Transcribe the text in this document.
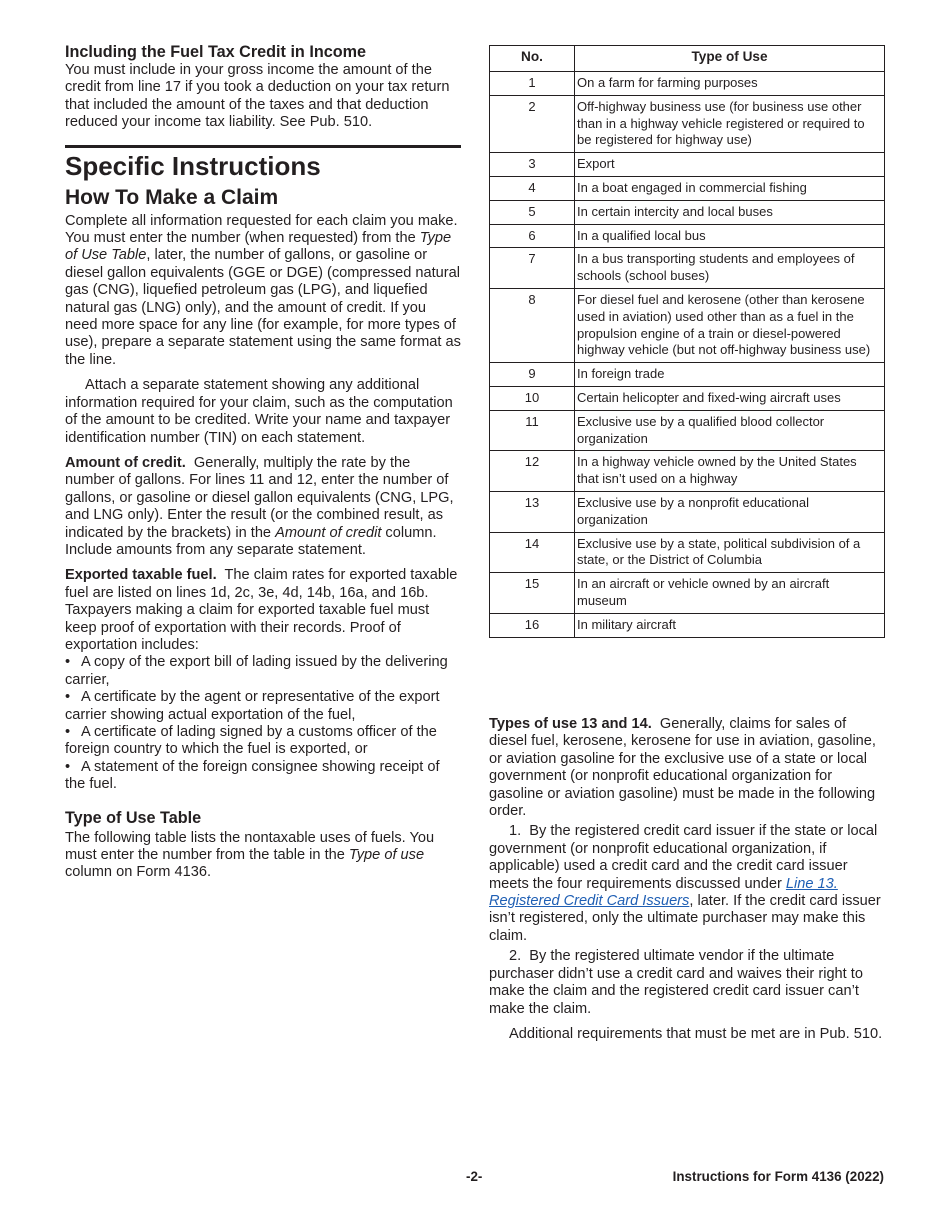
Including the Fuel Tax Credit in Income

You must include in your gross income the amount of the credit from line 17 if you took a deduction on your tax return that included the amount of the taxes and that deduction reduced your income tax liability. See Pub. 510.

Specific Instructions
How To Make a Claim

Complete all information requested for each claim you make. You must enter the number (when requested) from the Type of Use Table, later, the number of gallons, or gasoline or diesel gallon equivalents (GGE or DGE) (compressed natural gas (CNG), liquefied petroleum gas (LPG), and liquefied natural gas (LNG) only), and the amount of credit. If you need more space for any line (for example, for more types of use), prepare a separate statement using the same format as the line.

Attach a separate statement showing any additional information required for your claim, such as the computation of the amount to be credited. Write your name and taxpayer identification number (TIN) on each statement.

Amount of credit. Generally, multiply the rate by the number of gallons. For lines 11 and 12, enter the number of gallons, or gasoline or diesel gallon equivalents (CNG, LPG, and LNG only). Enter the result (or the combined result, as indicated by the brackets) in the Amount of credit column. Include amounts from any separate statement.

Exported taxable fuel. The claim rates for exported taxable fuel are listed on lines 1d, 2c, 3e, 4d, 14b, 16a, and 16b. Taxpayers making a claim for exported taxable fuel must keep proof of exportation with their records. Proof of exportation includes:

• A copy of the export bill of lading issued by the delivering carrier,

• A certificate by the agent or representative of the export carrier showing actual exportation of the fuel,

• A certificate of lading signed by a customs officer of the foreign country to which the fuel is exported, or

• A statement of the foreign consignee showing receipt of the fuel.

Type of Use Table

The following table lists the nontaxable uses of fuels. You must enter the number from the table in the Type of use column on Form 4136.

No.	Type of Use
1	On a farm for farming purposes
2	Off-highway business use (for business use other than in a highway vehicle registered or required to be registered for highway use)
3	Export
4	In a boat engaged in commercial fishing
5	In certain intercity and local buses
6	In a qualified local bus
7	In a bus transporting students and employees of schools (school buses)
8	For diesel fuel and kerosene (other than kerosene used in aviation) used other than as a fuel in the propulsion engine of a train or diesel-powered highway vehicle (but not off-highway business use)
9	In foreign trade
10	Certain helicopter and fixed-wing aircraft uses
11	Exclusive use by a qualified blood collector organization
12	In a highway vehicle owned by the United States that isn’t used on a highway
13	Exclusive use by a nonprofit educational organization
14	Exclusive use by a state, political subdivision of a state, or the District of Columbia
15	In an aircraft or vehicle owned by an aircraft museum
16	In military aircraft

Types of use 13 and 14. Generally, claims for sales of diesel fuel, kerosene, kerosene for use in aviation, gasoline, or aviation gasoline for the exclusive use of a state or local government (or nonprofit educational organization for gasoline or aviation gasoline) must be made in the following order.

1. By the registered credit card issuer if the state or local government (or nonprofit educational organization, if applicable) used a credit card and the credit card issuer meets the four requirements discussed under Line 13. Registered Credit Card Issuers, later. If the credit card issuer isn’t registered, only the ultimate purchaser may make this claim.

2. By the registered ultimate vendor if the ultimate purchaser didn’t use a credit card and waives their right to make the claim and the registered credit card issuer can’t make the claim.

Additional requirements that must be met are in Pub. 510.

-2-	Instructions for Form 4136 (2022)
